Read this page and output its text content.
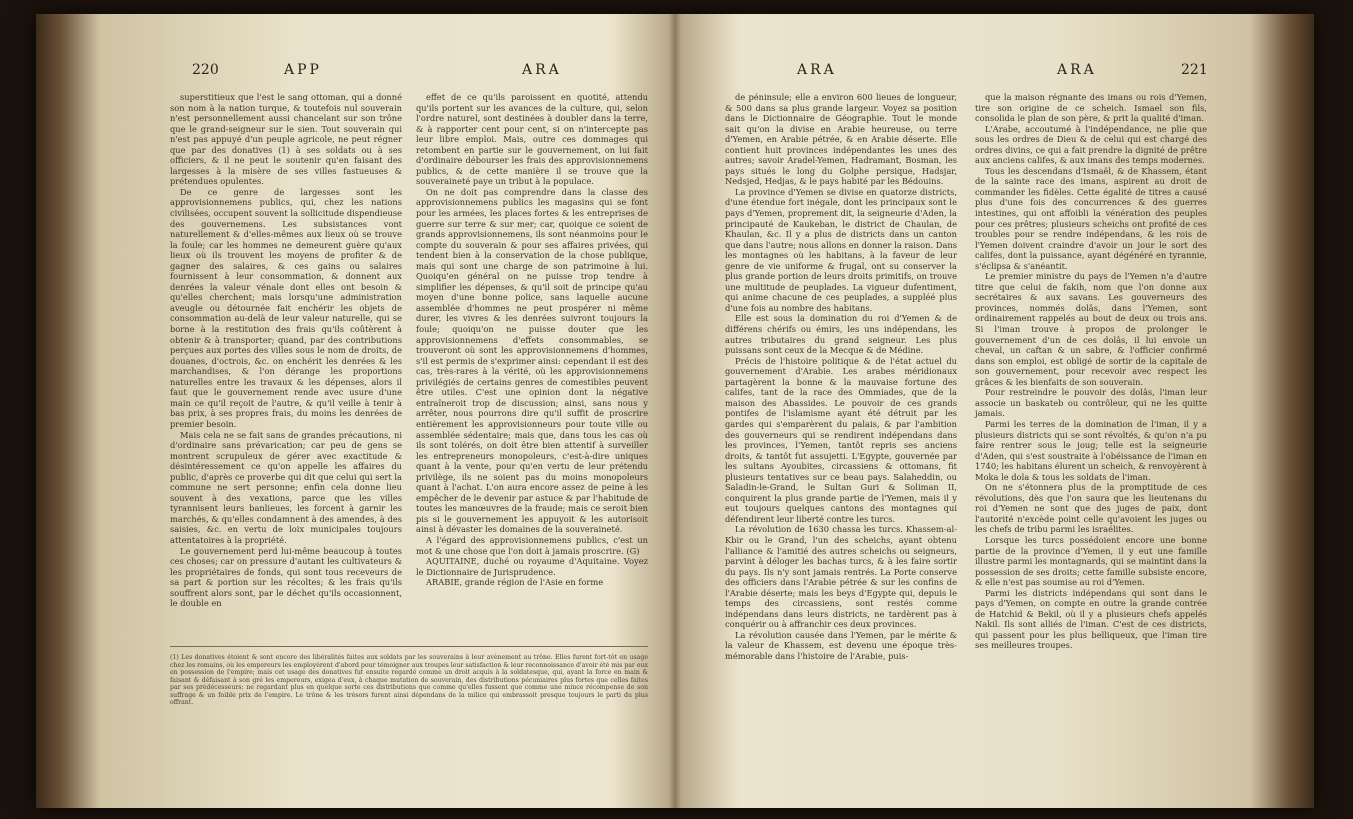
220	APP	ARA

superstitieux que l'est le sang ottoman, qui a donné son nom à la nation turque, & toutefois nul souverain n'est personnellement aussi chancelant sur son trône que le grand-seigneur sur le sien. Tout souverain qui n'est pas appuyé d'un peuple agricole, ne peut régner que par des donatives (1) à ses soldats ou à ses officiers, & il ne peut le soutenir qu'en faisant des largesses à la misère de ses villes fastueuses & prétendues opulentes.

De ce genre de largesses sont les approvisionnemens publics, qui, chez les nations civilisées, occupent souvent la sollicitude dispendieuse des gouvernemens. Les subsistances vont naturellement & d'elles-mêmes aux lieux où se trouve la foule; car les hommes ne demeurent guère qu'aux lieux où ils trouvent les moyens de profiter & de gagner des salaires, & ces gains ou salaires fournissent à leur consommation, & donnent aux denrées la valeur vénale dont elles ont besoin & qu'elles cherchent; mais lorsqu'une administration aveugle ou détournée fait enchérir les objets de consommation au-delà de leur valeur naturelle, qui se borne à la restitution des frais qu'ils coûtèrent à obtenir & à transporter; quand, par des contributions perçues aux portes des villes sous le nom de droits, de douanes, d'octrois, &c. on enchérit les denrées & les marchandises, & l'on dérange les proportions naturelles entre les travaux & les dépenses, alors il faut que le gouvernement rende avec usure d'une main ce qu'il reçoit de l'autre, & qu'il veille à tenir à bas prix, à ses propres frais, du moins les denrées de premier besoin.

Mais cela ne se fait sans de grandes précautions, ni d'ordinaire sans prévarication; car peu de gens se montrent scrupuleux de gérer avec exactitude & désintéressement ce qu'on appelle les affaires du public, d'après ce proverbe qui dit que celui qui sert la commune ne sert personne; enfin cela donne lieu souvent à des vexations, parce que les villes tyrannisent leurs banlieues, les forcent à garnir les marchés, & qu'elles condamnent à des amendes, à des saisies, &c. en vertu de loix municipales toujours attentatoires à la propriété.

Le gouvernement perd lui-même beaucoup à toutes ces choses; car on pressure d'autant les cultivateurs & les propriétaires de fonds, qui sont tous receveurs de sa part & portion sur les récoltes; & les frais qu'ils souffrent alors sont, par le déchet qu'ils occasionnent, le double en

effet de ce qu'ils paroissent en quotité, attendu qu'ils portent sur les avances de la culture, qui, selon l'ordre naturel, sont destinées à doubler dans la terre, & à rapporter cent pour cent, si on n'intercepte pas leur libre emploi. Mais, outre ces dommages qui retombent en partie sur le gouvernement, on lui fait d'ordinaire débourser les frais des approvisionnemens publics, & de cette manière il se trouve que la souveraineté paye un tribut à la populace.

On ne doit pas comprendre dans la classe des approvisionnemens publics les magasins qui se font pour les armées, les places fortes & les entreprises de guerre sur terre & sur mer; car, quoique ce soient de grands approvisionnemens, ils sont néanmoins pour le compte du souverain & pour ses affaires privées, qui tendent bien à la conservation de la chose publique, mais qui sont une charge de son patrimoine à lui. Quoiqu'en général on ne puisse trop tendre à simplifier les dépenses, & qu'il soit de principe qu'au moyen d'une bonne police, sans laquelle aucune assemblée d'hommes ne peut prospérer ni même durer, les vivres & les denrées suivront toujours la foule; quoiqu'on ne puisse douter que les approvisionnemens d'effets consommables, se trouveront où sont les approvisionnemens d'hommes, s'il est permis de s'exprimer ainsi: cependant il est des cas, très-rares à la vérité, où les approvisionnemens privilégiés de certains genres de comestibles peuvent être utiles. C'est une opinion dont la négative entraîneroit trop de discussion; ainsi, sans nous y arrêter, nous pourrons dire qu'il suffit de proscrire entièrement les approvisionneurs pour toute ville ou assemblée sédentaire; mais que, dans tous les cas où ils sont tolérés, on doit être bien attentif à surveiller les entrepreneurs monopoleurs, c'est-à-dire uniques quant à la vente, pour qu'en vertu de leur prétendu privilège, ils ne soient pas du moins monopoleurs quant à l'achat. L'on aura encore assez de peine à les empêcher de le devenir par astuce & par l'habitude de toutes les manœuvres de la fraude; mais ce seroit bien pis si le gouvernement les appuyoit & les autorisoit ainsi à dévaster les domaines de la souveraineté.

A l'égard des approvisionnemens publics, c'est un mot & une chose que l'on doit à jamais proscrire. (G)

AQUITAINE, duché ou royaume d'Aquitaine. Voyez le Dictionnaire de Jurisprudence.

ARABIE, grande région de l'Asie en forme

(1) Les donatives étoient & sont encore des libéralités faites aux soldats par les souverains à leur avènement au trône. Elles furent fort-tôt en usage chez les romains, où les empereurs les employèrent d'abord pour témoigner aux troupes leur satisfaction & leur reconnoissance d'avoir été mis par eux en possession de l'empire; mais cet usage des donatives fut ensuite regardé comme un droit acquis à la soldatesque, qui, ayant la force en main & faisant & défaisant à son gré les empereurs, exigea d'eux, à chaque mutation de souverain, des distributions pécuniaires plus fortes que celles faites par ses prédécesseurs; ne regardant plus en quelque sorte ces distributions que comme qu'elles fussent que comme une mince récompense de son suffrage & un foible prix de l'empire. Le trône & les trésors furent ainsi dépendans de la milice qui embrassoit presque toujours le parti du plus offrant.
ARA	ARA	221

de péninsule; elle a environ 600 lieues de longueur, & 500 dans sa plus grande largeur. Voyez sa position dans le Dictionnaire de Géographie. Tout le monde sait qu'on la divise en Arabie heureuse, ou terre d'Yemen, en Arabie pétrée, & en Arabie déserte. Elle contient huit provinces indépendantes les unes des autres; savoir Aradel-Yemen, Hadramant, Bosman, les pays situés le long du Golphe persique, Hadsjar, Nedsjed, Hedjas, & le pays habité par les Bédouins.

La province d'Yemen se divise en quatorze districts, d'une étendue fort inégale, dont les principaux sont le pays d'Yemen, proprement dit, la seigneurie d'Aden, la principauté de Kaukeban, le district de Chaulan, de Khaulan, &c. Il y a plus de districts dans un canton que dans l'autre; nous allons en donner la raison. Dans les montagnes où les habitans, à la faveur de leur genre de vie uniforme & frugal, ont su conserver la plus grande portion de leurs droits primitifs, on trouve une multitude de peuplades. La vigueur dufentiment, qui anime chacune de ces peuplades, a suppléé plus d'une fois au nombre des habitans.

Elle est sous la domination du roi d'Yemen & de différens chérifs ou émirs, les uns indépendans, les autres tributaires du grand seigneur. Les plus puissans sont ceux de la Mecque & de Médine.

Précis de l'histoire politique & de l'état actuel du gouvernement d'Arabie. Les arabes méridionaux partagèrent la bonne & la mauvaise fortune des califes, tant de la race des Ommiades, que de la maison des Abassides. Le pouvoir de ces grands pontifes de l'islamisme ayant été détruit par les gardes qui s'emparèrent du palais, & par l'ambition des gouverneurs qui se rendirent indépendans dans les provinces, l'Yemen, tantôt repris ses anciens droits, & tantôt fut assujetti. L'Egypte, gouvernée par les sultans Ayoubites, circassiens & ottomans, fit plusieurs tentatives sur ce beau pays. Salaheddin, ou Saladin-le-Grand, le Sultan Guri & Soliman II, conquirent la plus grande partie de l'Yemen, mais il y eut toujours quelques cantons des montagnes qui défendirent leur liberté contre les turcs.

La révolution de 1630 chassa les turcs. Khassem-al-Kbir ou le Grand, l'un des scheichs, ayant obtenu l'alliance & l'amitié des autres scheichs ou seigneurs, parvint à déloger les bachas turcs, & à les faire sortir du pays. Ils n'y sont jamais rentrés. La Porte conserve des officiers dans l'Arabie pétrée & sur les confins de l'Arabie déserte; mais les beys d'Egypte qui, depuis le temps des circassiens, sont restés comme indépendans dans leurs districts, ne tardèrent pas à conquérir ou à affranchir ces deux provinces.

La révolution causée dans l'Yemen, par le mérite & la valeur de Khassem, est devenu une époque très-mémorable dans l'histoire de l'Arabie, puis-

que la maison régnante des imans ou rois d'Yemen, tire son origine de ce scheich. Ismael son fils, consolida le plan de son père, & prit la qualité d'iman.

L'Arabe, accoutumé à l'indépendance, ne plie que sous les ordres de Dieu & de celui qui est chargé des ordres divins, ce qui a fait prendre la dignité de prêtre aux anciens califes, & aux imans des temps modernes.

Tous les descendans d'Ismaël, & de Khassem, étant de la sainte race des imans, aspirent au droit de commander les fidèles. Cette égalité de titres a causé plus d'une fois des concurrences & des guerres intestines, qui ont affoibli la vénération des peuples pour ces prêtres; plusieurs scheichs ont profité de ces troubles pour se rendre indépendans, & les rois de l'Yemen doivent craindre d'avoir un jour le sort des califes, dont la puissance, ayant dégénéré en tyrannie, s'éclipsa & s'anéantit.

Le premier ministre du pays de l'Yemen n'a d'autre titre que celui de fakih, nom que l'on donne aux secrétaires & aux savans. Les gouverneurs des provinces, nommés dolâs, dans l'Yemen, sont ordinairement rappelés au bout de deux ou trois ans. Si l'iman trouve à propos de prolonger le gouvernement d'un de ces dolâs, il lui envoie un cheval, un caftan & un sabre, & l'officier confirmé dans son emploi, est obligé de sortir de la capitale de son gouvernement, pour recevoir avec respect les grâces & les bienfaits de son souverain.

Pour restreindre le pouvoir des dolâs, l'iman leur associe un baskateb ou contrôleur, qui ne les quitte jamais.

Parmi les terres de la domination de l'iman, il y a plusieurs districts qui se sont révoltés, & qu'on n'a pu faire rentrer sous le joug; telle est la seigneurie d'Aden, qui s'est soustraite à l'obéissance de l'iman en 1740; les habitans élurent un scheich, & renvoyèrent à Moka le dola & tous les soldats de l'iman.

On ne s'étonnera plus de la promptitude de ces révolutions, dès que l'on saura que les lieutenans du roi d'Yemen ne sont que des juges de paix, dont l'autorité n'excède point celle qu'avoient les juges ou les chefs de tribu parmi les israélites.

Lorsque les turcs possédoient encore une bonne partie de la province d'Yemen, il y eut une famille illustre parmi les montagnards, qui se maintint dans la possession de ses droits; cette famille subsiste encore, & elle n'est pas soumise au roi d'Yemen.

Parmi les districts indépendans qui sont dans le pays d'Yemen, on compte en outre la grande contrée de Hatchid & Bekil, où il y a plusieurs chefs appelés Nakil. Ils sont alliés de l'iman. C'est de ces districts, qui passent pour les plus belliqueux, que l'iman tire ses meilleures troupes.
